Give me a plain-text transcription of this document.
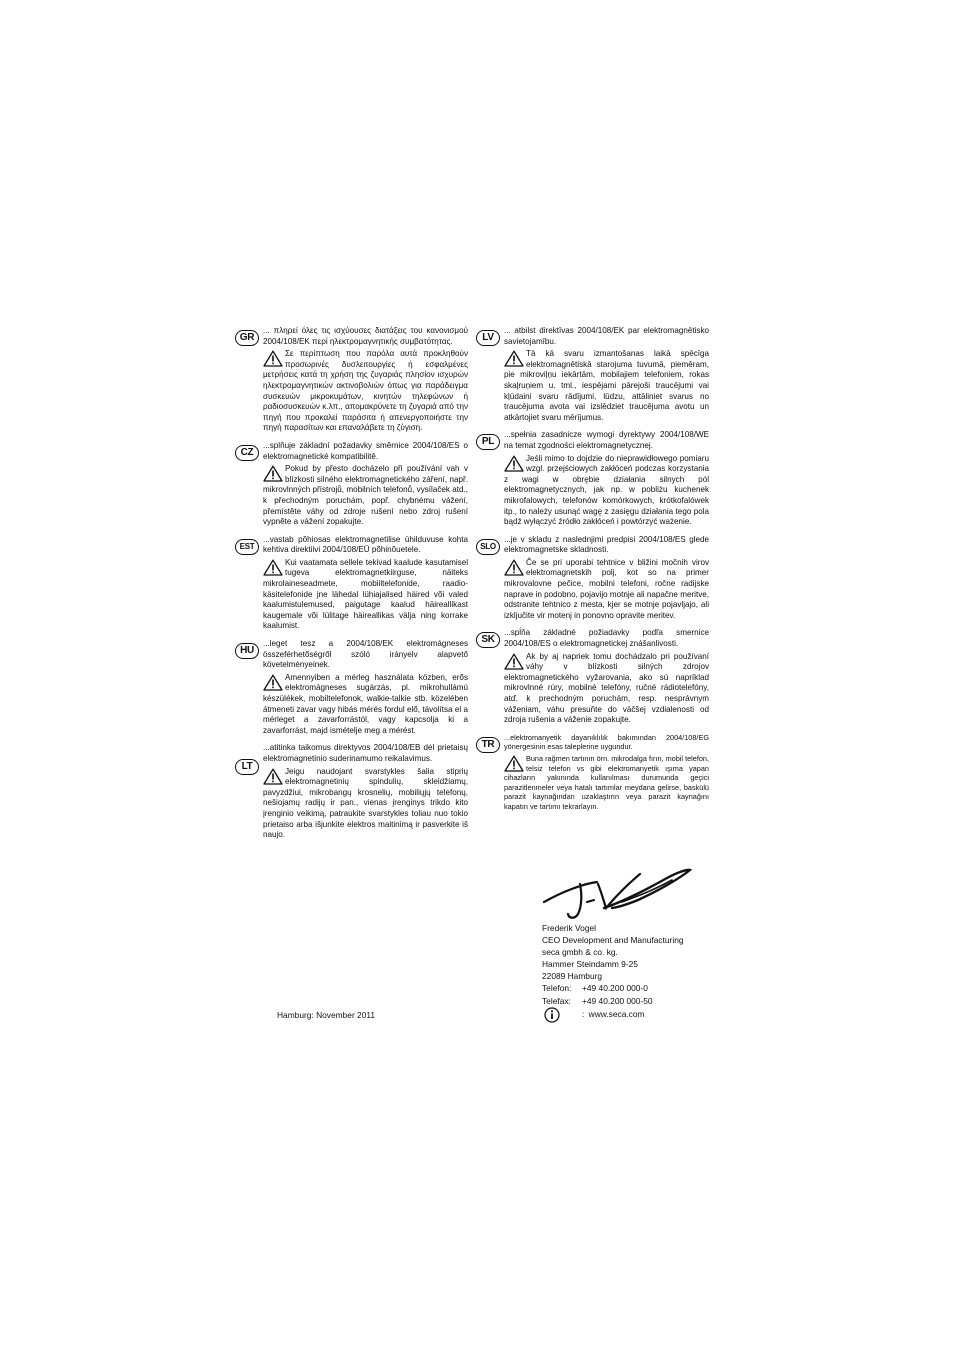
GR

... πληρεί όλες τις ισχύουσες διατάξεις του κανονισμού 2004/108/ΕΚ περί ηλεκτρομαγνητικής συμβατότητας.

Σε περίπτωση που παρόλα αυτά προκληθούν προσωρινές δυσλειτουργίες ή εσφαλμένες μετρήσεις κατά τη χρήση της ζυγαριάς πλησίον ισχυρών ηλεκτρομαγνητικών ακτινοβολιών όπως για παράδειγμα συσκευών μικροκυμάτων, κινητών τηλεφώνων ή ραδιοσυσκευών κ.λπ., απομακρύνετε τη ζυγαριά από την πηγή που προκαλεί παράσιτα ή απενεργοποιήστε την πηγή παρασίτων και επαναλάβετε τη ζύγιση.

CZ

...splňuje základní požadavky směrnice 2004/108/ES o elektromagnetické kompatibilitě.

Pokud by přesto docházelo při používání vah v blízkosti silného elektromagnetického záření, např. mikrovlnných přístrojů, mobilních telefonů, vysílaček atd., k přechodným poruchám, popř. chybnému vážení, přemístěte váhy od zdroje rušení nebo zdroj rušení vypněte a vážení zopakujte.

EST

...vastab põhiosas elektromagnetilise ühilduvuse kohta kehtiva direktiivi 2004/108/EÜ põhinõuetele.

Kui vaatamata sellele tekivad kaalude kasutamisel tugeva elektromagnetkiirguse, näiteks mikrolaineseadmete, mobiiltelefonide, raadio-käsitelefonide jne lähedal lühiajalised häired või valed kaalumistulemused, paigutage kaalud häireallikast kaugemale või lülitage häireallikas välja ning korrake kaalumist.

HU

...leget tesz a 2004/108/EK elektromágneses összeférhetőségről szóló irányelv alapvető követelményeinek.

Amennyiben a mérleg használata közben, erős elektromágneses sugárzás, pl. mikrohullámú készülékek, mobiltelefonok, walkie-talkie stb. közelében átmeneti zavar vagy hibás mérés fordul elő, távolítsa el a mérleget a zavarforrástól, vagy kapcsolja ki a zavarforrást, majd ismételje meg a mérést.

LT

...atitinka taikomus direktyvos 2004/108/EB dėl prietaisų elektromagnetinio suderinamumo reikalavimus.

Jeigu naudojant svarstykles šalia stiprių elektromagnetinių spindulių, skleidžiamų, pavyzdžiui, mikrobangų krosnelių, mobiliųjų telefonų, nešiojamų radijų ir pan., vienas įrenginys trikdo kito įrenginio veikimą, patraukite svarstykles toliau nuo tokio prietaiso arba išjunkite elektros maitinimą ir pasverkite iš naujo.

LV

... atbilst direktīvas 2004/108/EK par elektromagnētisko savietojamību.

Tā kā svaru izmantošanas laikā spēcīga elektromagnētiskā starojuma tuvumā, piemēram, pie mikroviļņu iekārtām, mobilajiem telefoniem, rokas skaļruņiem u. tml., iespējami pārejoši traucējumi vai kļūdaini svaru rādījumi, lūdzu, attāliniet svarus no traucējuma avota vai izslēdziet traucējuma avotu un atkārtojiet svaru mērījumus.

PL

...spełnia zasadnicze wymogi dyrektywy 2004/108/WE na temat zgodności elektromagnetycznej.

Jeśli mimo to dojdzie do nieprawidłowego pomiaru wzgl. przejściowych zakłóceń podczas korzystania z wagi w obrębie działania silnych pól elektromagnetycznych, jak np. w pobliżu kuchenek mikrofalowych, telefonów komórkowych, krótkofalówek itp., to należy usunąć wagę z zasięgu działania tego pola bądź wyłączyć źródło zakłóceń i powtórzyć ważenie.

SLO

...je v skladu z naslednjimi predpisi 2004/108/ES glede elektromagnetske skladnosti.

Če se pri uporabi tehtnice v bližini močnih virov elektromagnetskih polj, kot so na primer mikrovalovne pečice, mobilni telefoni, ročne radijske naprave in podobno, pojavijo motnje ali napačne meritve, odstranite tehtnico z mesta, kjer se motnje pojavljajo, ali izključite vir motenj in ponovno opravite meritev.

SK

...spĺňa základné požiadavky podľa smernice 2004/108/ES o elektromagnetickej znášanlivosti.

Ak by aj napriek tomu dochádzalo pri používaní váhy v blízkosti silných zdrojov elektromagnetického vyžarovania, ako sú napríklad mikrovlnné rúry, mobilné telefóny, ručné rádiotelefóny, atď. k prechodným poruchám, resp. nesprávnym váženiam, váhu presuňte do väčšej vzdialenosti od zdroja rušenia a váženie zopakujte.

TR

...elektromanyetik dayanıklılık bakımından 2004/108/EG yönergesinin esas taleplerine uygundur.

Buna rağmen tartının örn. mikrodalga fırın, mobil telefon, telsiz telefon vs gibi elektromanyetik ışıma yapan cihazların yakınında kullanılması durumunda geçici parazitlenmeler veya hatalı tartımlar meydana gelirse, baskülü parazit kaynağından uzaklaştırın veya parazit kaynağını kapatın ve tartımı tekrarlayın.

Hamburg: November 2011
Frederik Vogel
CEO Development and Manufacturing
seca gmbh & co. kg.
Hammer Steindamm 9-25
22089 Hamburg
Telefon: +49 40.200 000-0
Telefax: +49 40.200 000-50
: www.seca.com
